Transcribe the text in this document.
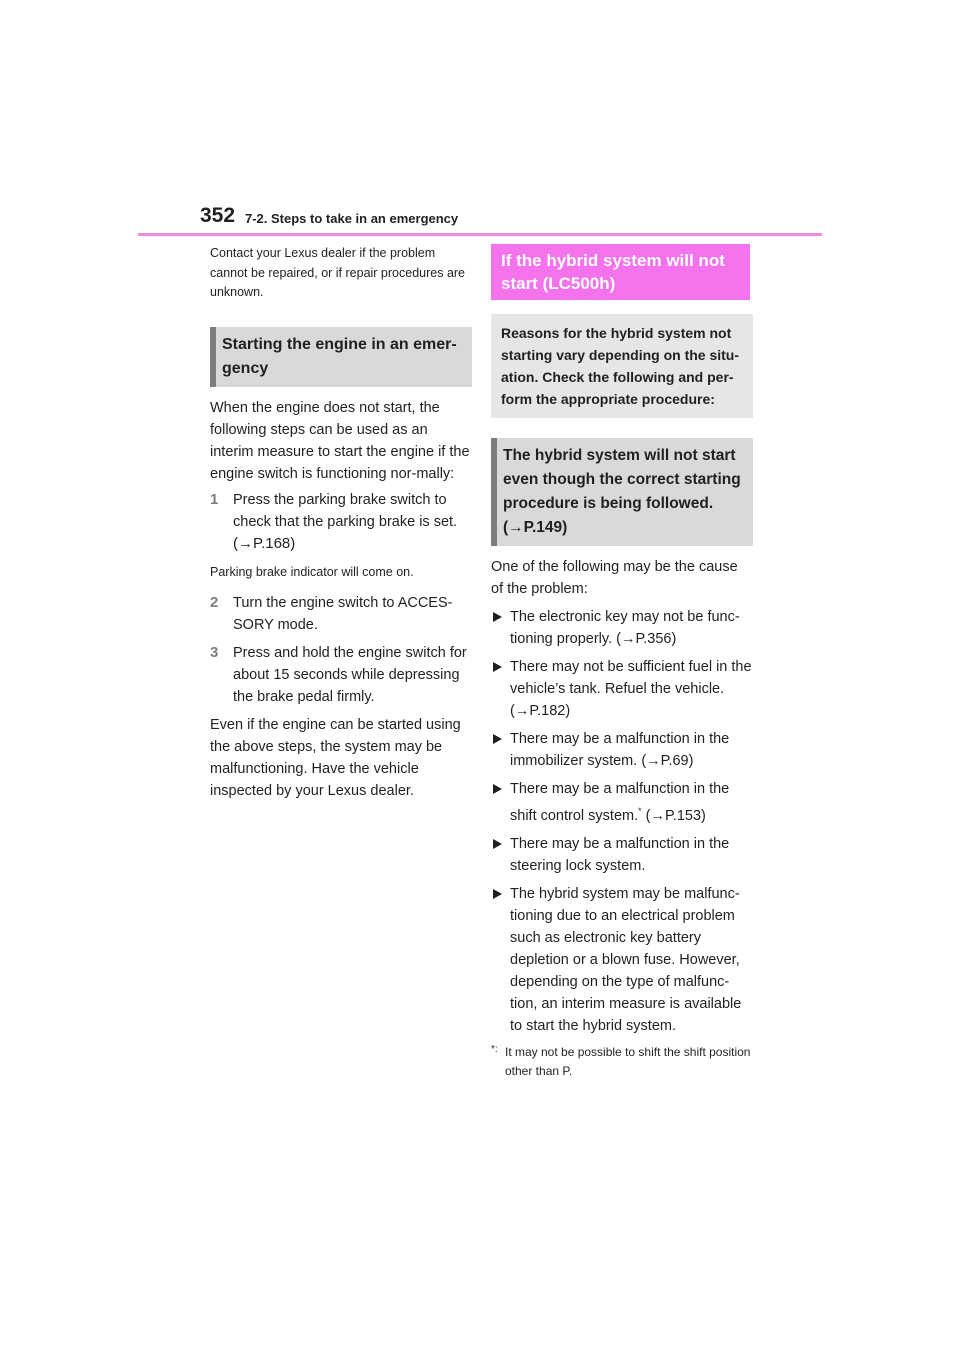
352 7-2. Steps to take in an emergency

Contact your Lexus dealer if the problem cannot be repaired, or if repair procedures are unknown.

Starting the engine in an emer-gency

When the engine does not start, the following steps can be used as an interim measure to start the engine if the engine switch is functioning nor-mally:

1 Press the parking brake switch to check that the parking brake is set.
(→P.168)

Parking brake indicator will come on.

2 Turn the engine switch to ACCES-SORY mode.
3 Press and hold the engine switch for about 15 seconds while depressing the brake pedal firmly.

Even if the engine can be started using the above steps, the system may be malfunctioning. Have the vehicle inspected by your Lexus dealer.

If the hybrid system will not start (LC500h)
Reasons for the hybrid system not starting vary depending on the situ-ation. Check the following and per-form the appropriate procedure:
The hybrid system will not start even though the correct starting procedure is being followed. (→P.149)

One of the following may be the cause of the problem:

The electronic key may not be func-tioning properly. (→P.356)
There may not be sufficient fuel in the vehicle’s tank. Refuel the vehicle. (→P.182)
There may be a malfunction in the immobilizer system. (→P.69)
There may be a malfunction in the shift control system.* (→P.153)
There may be a malfunction in the steering lock system.
The hybrid system may be malfunc-tioning due to an electrical problem such as electronic key battery depletion or a blown fuse. However, depending on the type of malfunc-tion, an interim measure is available to start the hybrid system.
*: It may not be possible to shift the shift position other than P.
